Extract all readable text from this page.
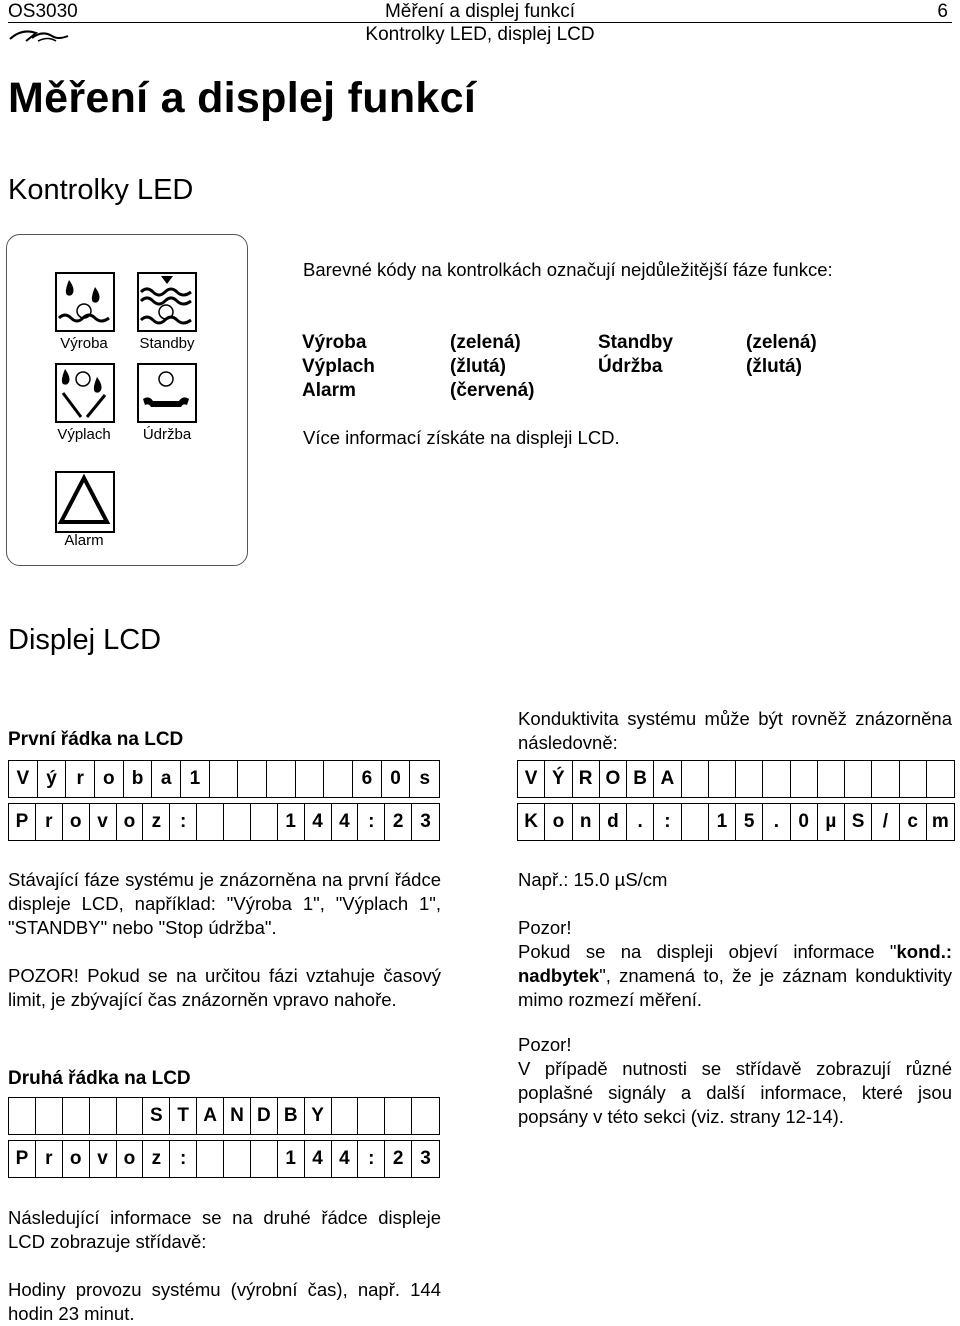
OS3030	Měření a displej funkcí	6
Kontrolky LED, displej LCD
Měření a displej funkcí
Kontrolky LED
Výroba	Standby
Výplach	Údržba
Alarm
Barevné kódy na kontrolkách označují nejdůležitější fáze funkce:
Výroba	(zelená)	Standby	(zelená)
Výplach	(žlutá)	Údržba	(žlutá)
Alarm	(červená)
Více informací získáte na displeji LCD.
Displej LCD
První řádka na LCD
V ý	r	o b a 1	6 0 s
P r o v o z :	1 4 4 : 2 3

Stávající fáze systému je znázorněna na první řádce displeje LCD, například: "Výroba 1", "Výplach 1", "STANDBY" nebo "Stop údržba".

POZOR! Pokud se na určitou fázi vztahuje časový limit, je zbývající čas znázorněn vpravo nahoře.

Druhá řádka na LCD
S T A N D B Y
P r o v o z :	1 4 4 : 2 3
Následující informace se na druhé řádce displeje LCD zobrazuje střídavě:
Hodiny provozu systému (výrobní čas), např. 144 hodin 23 minut.
Konduktivita systému může být rovněž znázorněna následovně:
V Ý R O B A
K o n d .	:	1 5	.	0 µ S /	c m
Např.: 15.0 µS/cm

Pozor!

Pokud se na displeji objeví informace "kond.: nadbytek", znamená to, že je záznam konduktivity mimo rozmezí měření.

Pozor!

V případě nutnosti se střídavě zobrazují různé poplašné signály a další informace, které jsou popsány v této sekci (viz. strany 12-14).
